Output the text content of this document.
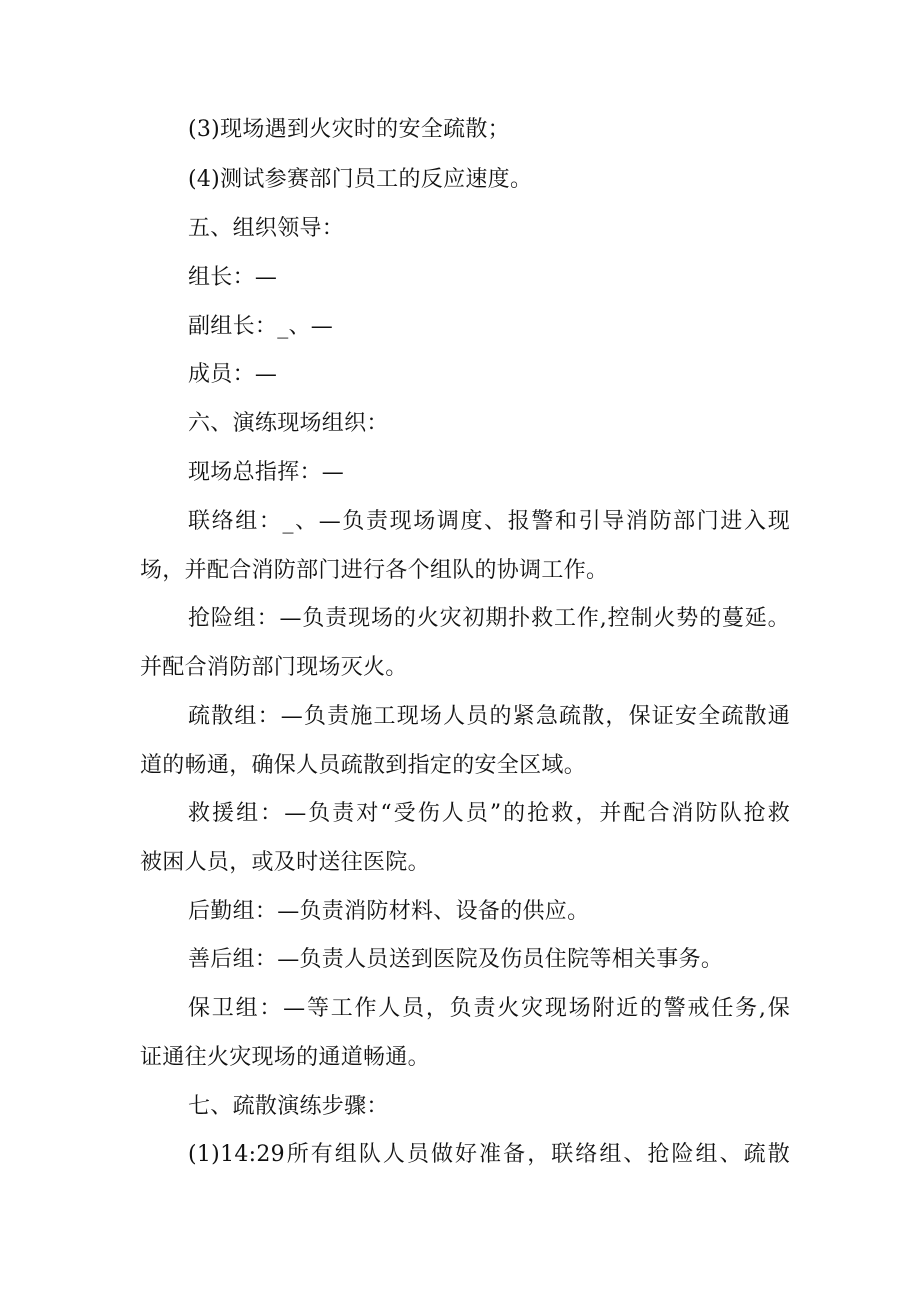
(3)现场遇到火灾时的安全疏散；
(4)测试参赛部门员工的反应速度。
五、组织领导：
组长：—
副组长：_、—
成员：—
六、演练现场组织：
现场总指挥：—
联络组：_、—负责现场调度、报警和引导消防部门进入现
场，并配合消防部门进行各个组队的协调工作。
抢险组：—负责现场的火灾初期扑救工作,控制火势的蔓延。
并配合消防部门现场灭火。
疏散组：—负责施工现场人员的紧急疏散，保证安全疏散通
道的畅通，确保人员疏散到指定的安全区域。
救援组：—负责对“受伤人员”的抢救，并配合消防队抢救
被困人员，或及时送往医院。
后勤组：—负责消防材料、设备的供应。
善后组：—负责人员送到医院及伤员住院等相关事务。
保卫组：—等工作人员，负责火灾现场附近的警戒任务,保
证通往火灾现场的通道畅通。
七、疏散演练步骤：
(1)14:29所有组队人员做好准备，联络组、抢险组、疏散
